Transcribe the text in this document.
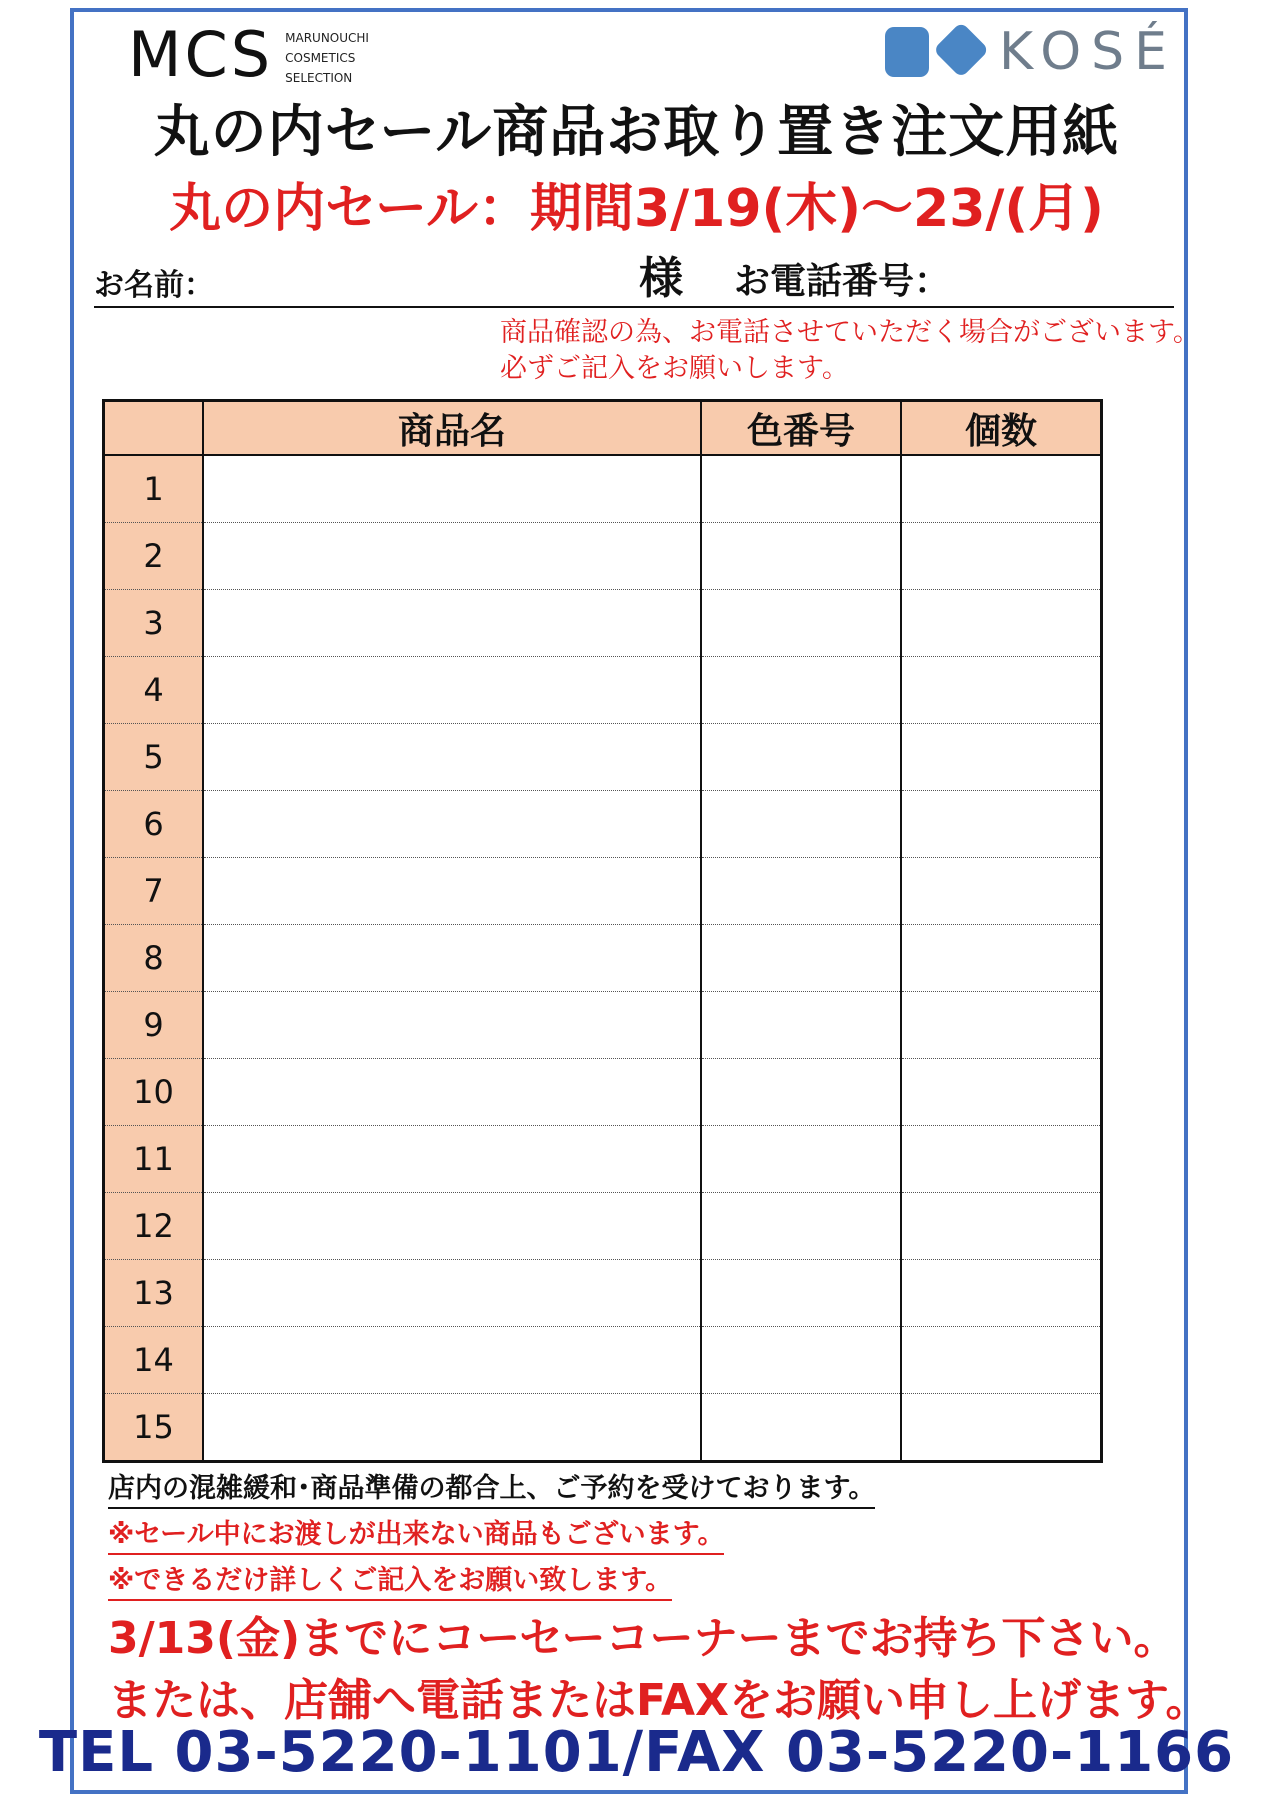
MCS MARUNOUCHI
COSMETICS
SELECTION	KOSÉ
丸の内セール商品お取り置き注文用紙
丸の内セール：期間3/19(木)～23/(月)
お名前：	様 お電話番号：
商品確認の為、お電話させていただく場合がございます。
必ずご記入をお願いします。
	商品名	色番号	個数
1			
2			
3			
4			
5			
6			
7			
8			
9			
10			
11			
12			
13			
14			
15			
店内の混雑緩和･商品準備の都合上、ご予約を受けております。
※セール中にお渡しが出来ない商品もございます。
※できるだけ詳しくご記入をお願い致します。
3/13(金)までにコーセーコーナーまでお持ち下さい。
または、店舗へ電話またはFAXをお願い申し上げます。
TEL 03-5220-1101/FAX 03-5220-1166
